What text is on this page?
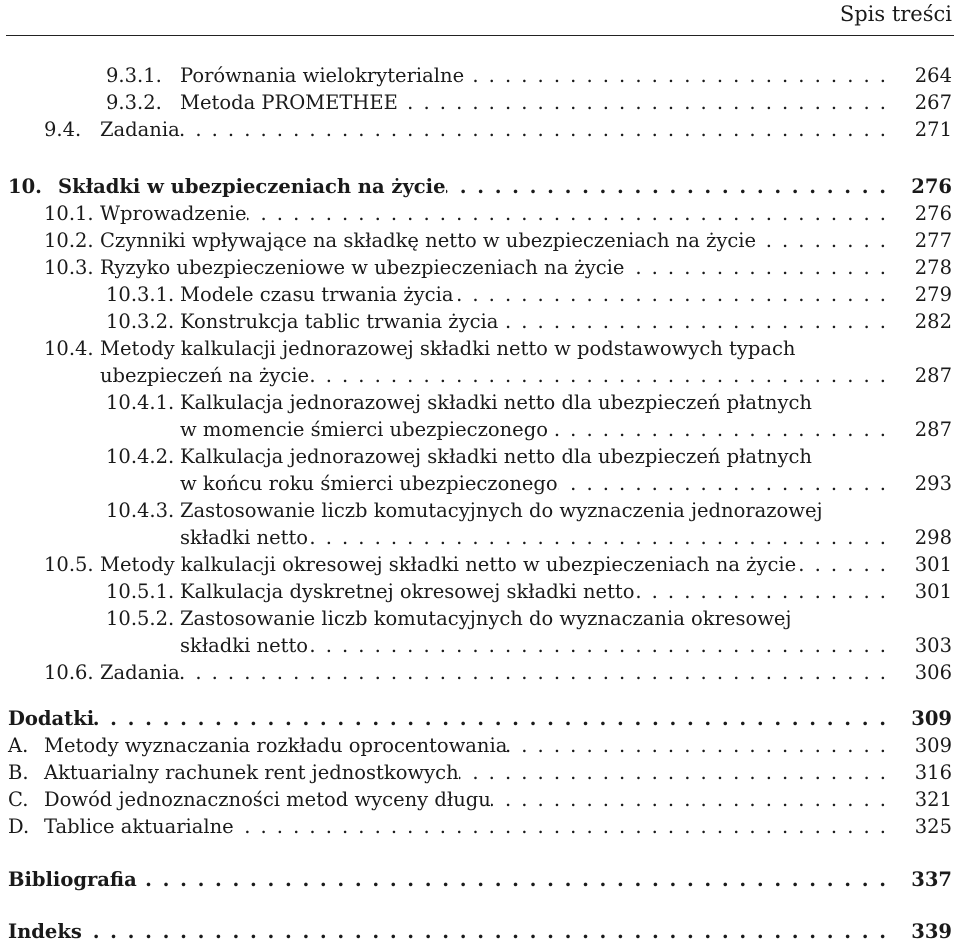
Spis treści
9.3.1. Porównania wielokryterialne . . .	264
9.3.2. Metoda PROMETHEE . . .	267
9.4. Zadania . . .	271
10. Składki w ubezpieczeniach na życie . . .	276
10.1. Wprowadzenie . . .	276
10.2. Czynniki wpływające na składkę netto w ubezpieczeniach na życie . . .	277
10.3. Ryzyko ubezpieczeniowe w ubezpieczeniach na życie . . .	278
10.3.1. Modele czasu trwania życia . . .	279
10.3.2. Konstrukcja tablic trwania życia . . .	282
10.4. Metody kalkulacji jednorazowej składki netto w podstawowych typach
ubezpieczeń na życie . . .	287
10.4.1. Kalkulacja jednorazowej składki netto dla ubezpieczeń płatnych
w momencie śmierci ubezpieczonego . . .	287
10.4.2. Kalkulacja jednorazowej składki netto dla ubezpieczeń płatnych
w końcu roku śmierci ubezpieczonego . . .	293
10.4.3. Zastosowanie liczb komutacyjnych do wyznaczenia jednorazowej
składki netto . . .	298
10.5. Metody kalkulacji okresowej składki netto w ubezpieczeniach na życie . . .	301
10.5.1. Kalkulacja dyskretnej okresowej składki netto . . .	301
10.5.2. Zastosowanie liczb komutacyjnych do wyznaczania okresowej
składki netto . . .	303
10.6. Zadania . . .	306
Dodatki . . .	309
A. Metody wyznaczania rozkładu oprocentowania . . .	309
B. Aktuarialny rachunek rent jednostkowych . . .	316
C. Dowód jednoznaczności metod wyceny długu . . .	321
D. Tablice aktuarialne . . .	325
Bibliografia . . .	337
Indeks . . .	339
